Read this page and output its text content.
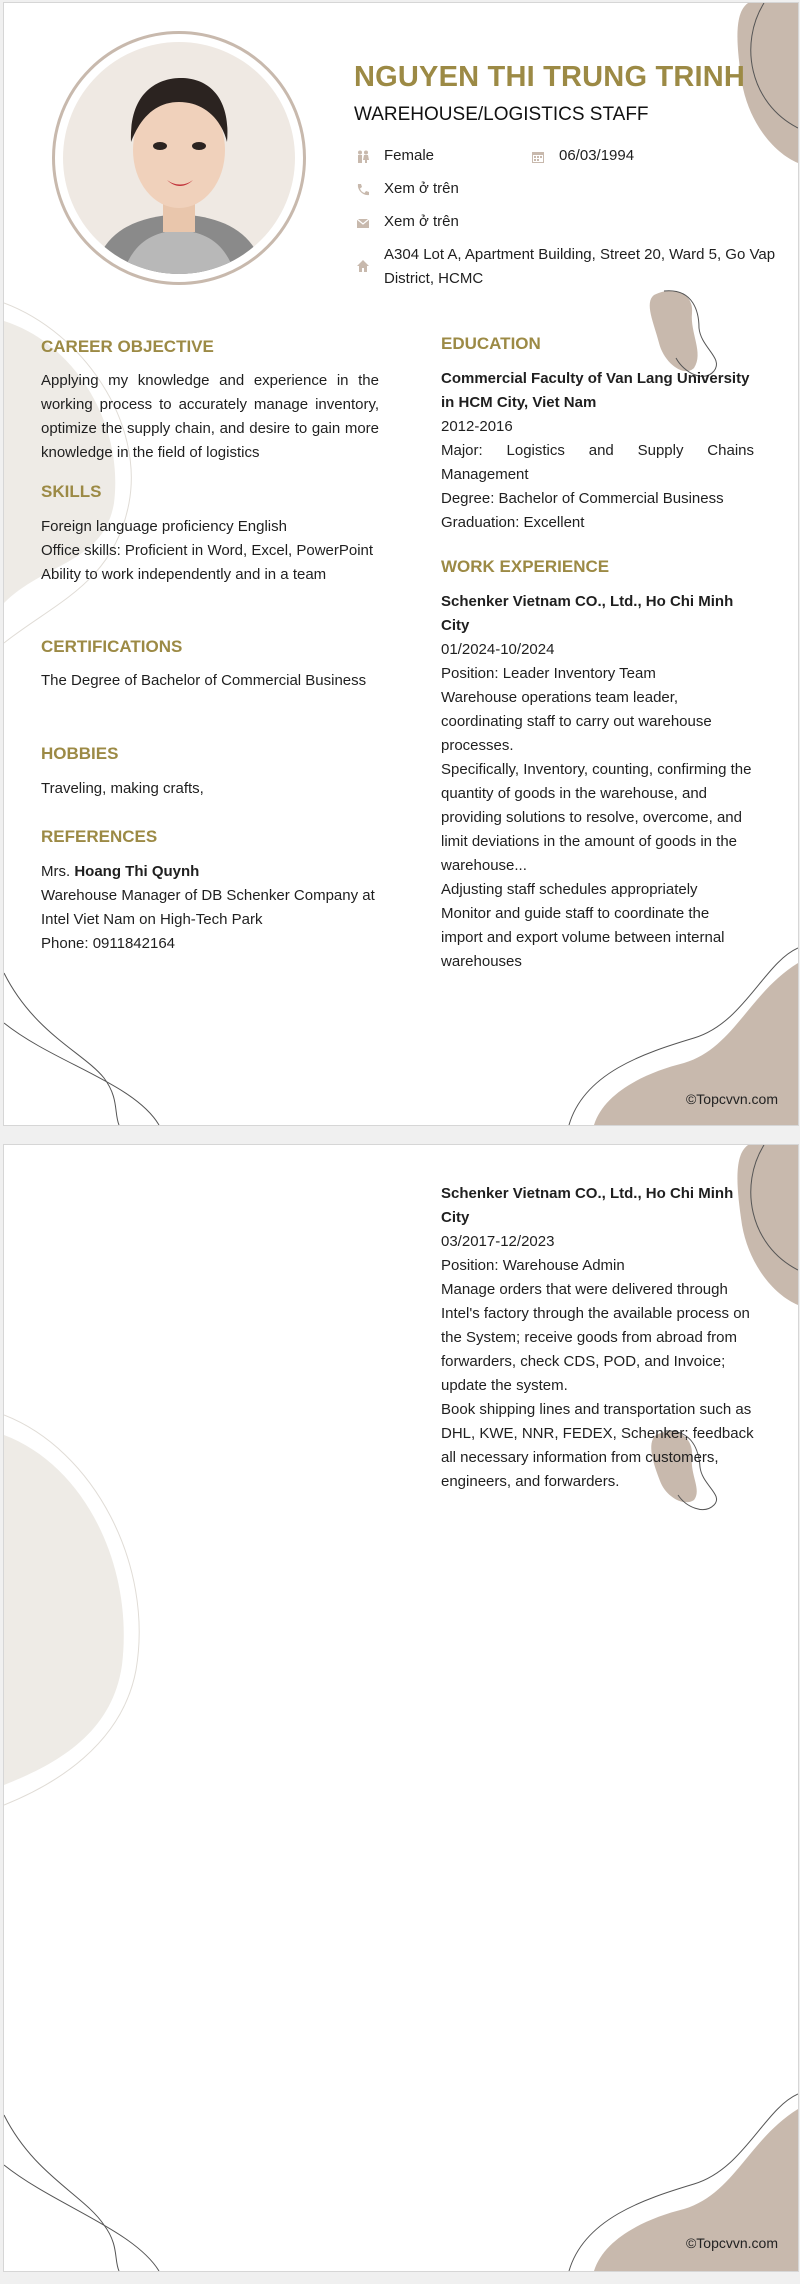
NGUYEN THI TRUNG TRINH
WAREHOUSE/LOGISTICS STAFF
Female	06/03/1994
Xem ở trên
Xem ở trên
A304 Lot A, Apartment Building, Street 20, Ward 5, Go Vap District, HCMC
CAREER OBJECTIVE
Applying my knowledge and experience in the working process to accurately manage inventory, optimize the supply chain, and desire to gain more knowledge in the field of logistics
SKILLS
Foreign language proficiency English
Office skills: Proficient in Word, Excel, PowerPoint
Ability to work independently and in a team
CERTIFICATIONS
The Degree of Bachelor of Commercial Business
HOBBIES
Traveling, making crafts,
REFERENCES
Mrs. Hoang Thi Quynh
Warehouse Manager of DB Schenker Company at Intel Viet Nam on High-Tech Park
Phone: 0911842164
EDUCATION
Commercial Faculty of Van Lang University in HCM City, Viet Nam
2012-2016
Major: Logistics and Supply Chains Management
Degree: Bachelor of Commercial Business
Graduation: Excellent
WORK EXPERIENCE
Schenker Vietnam CO., Ltd., Ho Chi Minh City
01/2024-10/2024
Position: Leader Inventory Team
Warehouse operations team leader, coordinating staff to carry out warehouse processes.
Specifically, Inventory, counting, confirming the quantity of goods in the warehouse, and providing solutions to resolve, overcome, and limit deviations in the amount of goods in the warehouse...
Adjusting staff schedules appropriately
Monitor and guide staff to coordinate the import and export volume between internal warehouses
©Topcvvn.com
Schenker Vietnam CO., Ltd., Ho Chi Minh City
03/2017-12/2023
Position: Warehouse Admin
Manage orders that were delivered through Intel's factory through the available process on the System; receive goods from abroad from forwarders, check CDS, POD, and Invoice; update the system.
Book shipping lines and transportation such as DHL, KWE, NNR, FEDEX, Schenker; feedback all necessary information from customers, engineers, and forwarders.
©Topcvvn.com
